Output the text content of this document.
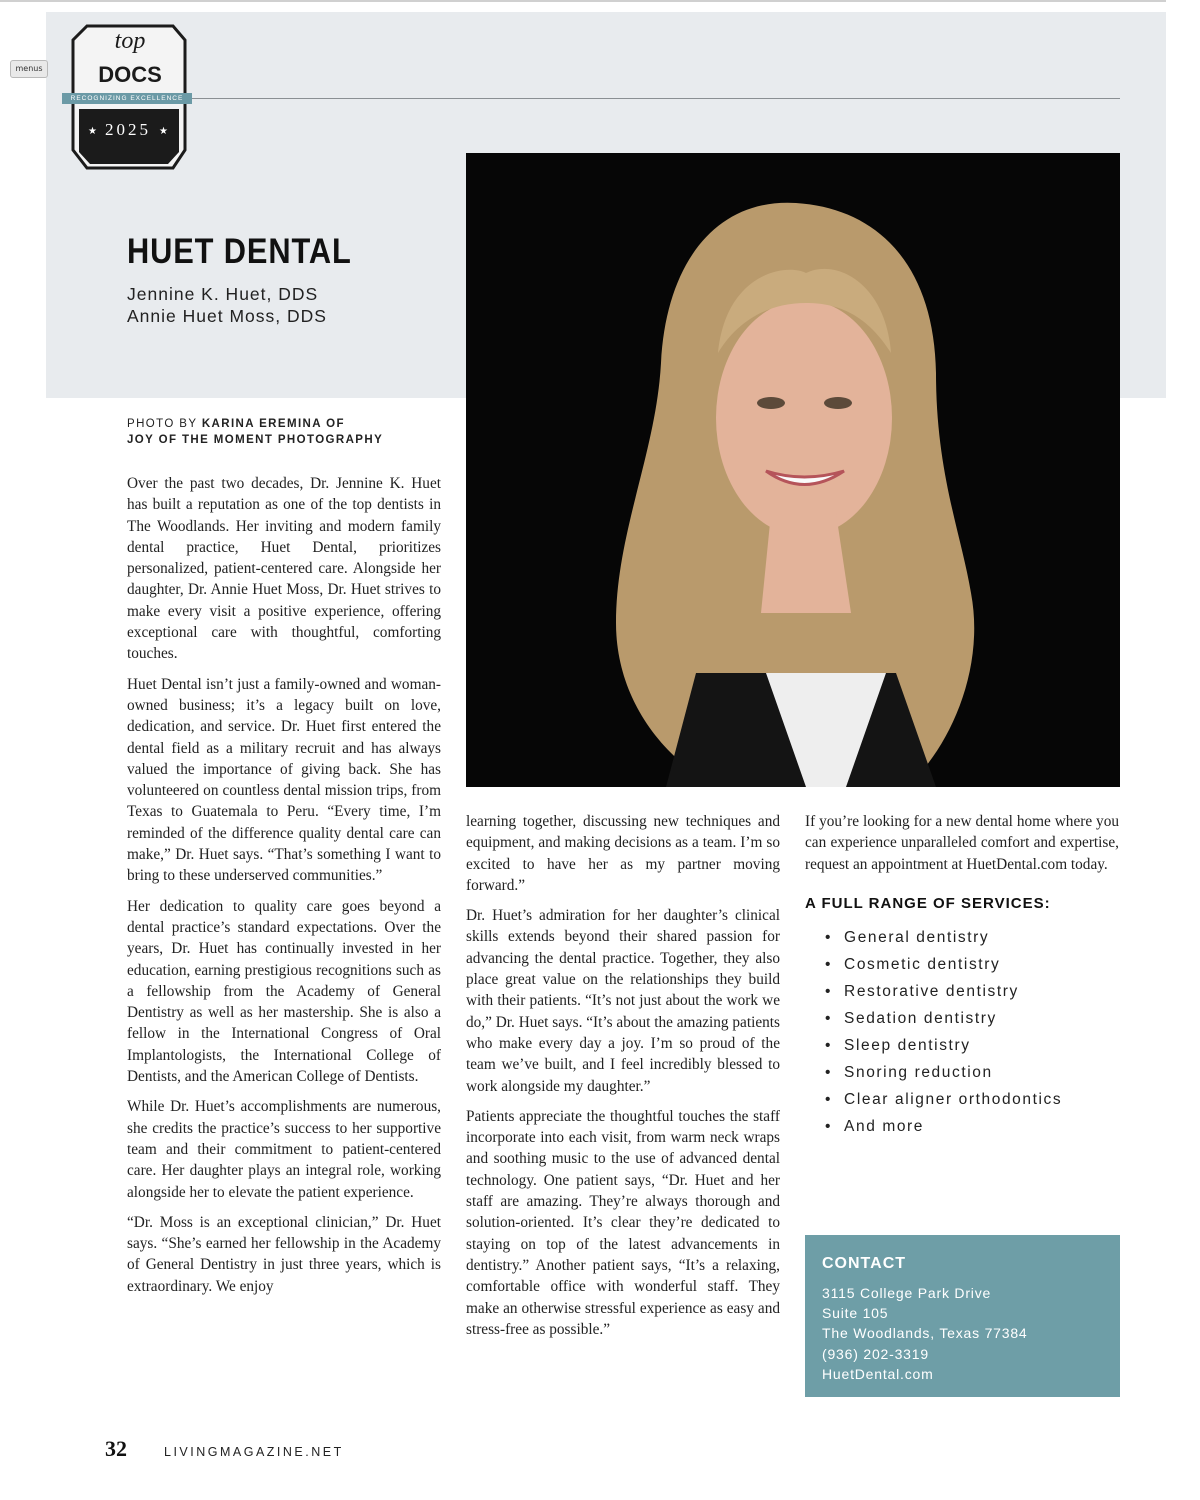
menus
top
DOCS
RECOGNIZING EXCELLENCE
★ 2025 ★
HUET DENTAL
Jennine K. Huet, DDS
Annie Huet Moss, DDS
PHOTO BY KARINA EREMINA OF
JOY OF THE MOMENT PHOTOGRAPHY

Over the past two decades, Dr. Jennine K. Huet has built a reputation as one of the top dentists in The Woodlands. Her inviting and modern family dental practice, Huet Dental, prioritizes personalized, patient-centered care. Alongside her daughter, Dr. Annie Huet Moss, Dr. Huet strives to make every visit a positive experience, offering exceptional care with thoughtful, comforting touches.

Huet Dental isn’t just a family-owned and woman-owned business; it’s a legacy built on love, dedication, and service. Dr. Huet first entered the dental field as a military recruit and has always valued the importance of giving back. She has volunteered on countless dental mission trips, from Texas to Guatemala to Peru. “Every time, I’m reminded of the difference quality dental care can make,” Dr. Huet says. “That’s something I want to bring to these underserved communities.”

Her dedication to quality care goes beyond a dental practice’s standard expectations. Over the years, Dr. Huet has continually invested in her education, earning prestigious recognitions such as a fellowship from the Academy of General Dentistry as well as her mastership. She is also a fellow in the International Congress of Oral Implantologists, the International College of Dentists, and the American College of Dentists.

While Dr. Huet’s accomplishments are numerous, she credits the practice’s success to her supportive team and their commitment to patient-centered care. Her daughter plays an integral role, working alongside her to elevate the patient experience.

“Dr. Moss is an exceptional clinician,” Dr. Huet says. “She’s earned her fellowship in the Academy of General Dentistry in just three years, which is extraordinary. We enjoy

learning together, discussing new techniques and equipment, and making decisions as a team. I’m so excited to have her as my partner moving forward.”

Dr. Huet’s admiration for her daughter’s clinical skills extends beyond their shared passion for advancing the dental practice. Together, they also place great value on the relationships they build with their patients. “It’s not just about the work we do,” Dr. Huet says. “It’s about the amazing patients who make every day a joy. I’m so proud of the team we’ve built, and I feel incredibly blessed to work alongside my daughter.”

Patients appreciate the thoughtful touches the staff incorporate into each visit, from warm neck wraps and soothing music to the use of advanced dental technology. One patient says, “Dr. Huet and her staff are amazing. They’re always thorough and solution-oriented. It’s clear they’re dedicated to staying on top of the latest advancements in dentistry.” Another patient says, “It’s a relaxing, comfortable office with wonderful staff. They make an otherwise stressful experience as easy and stress-free as possible.”

If you’re looking for a new dental home where you can experience unparalleled comfort and expertise, request an appointment at HuetDental.com today.

A FULL RANGE OF SERVICES:
• General dentistry
• Cosmetic dentistry
• Restorative dentistry
• Sedation dentistry
• Sleep dentistry
• Snoring reduction
• Clear aligner orthodontics
• And more
CONTACT
3115 College Park Drive
Suite 105
The Woodlands, Texas 77384
(936) 202-3319
HuetDental.com
32	LIVINGMAGAZINE.NET
